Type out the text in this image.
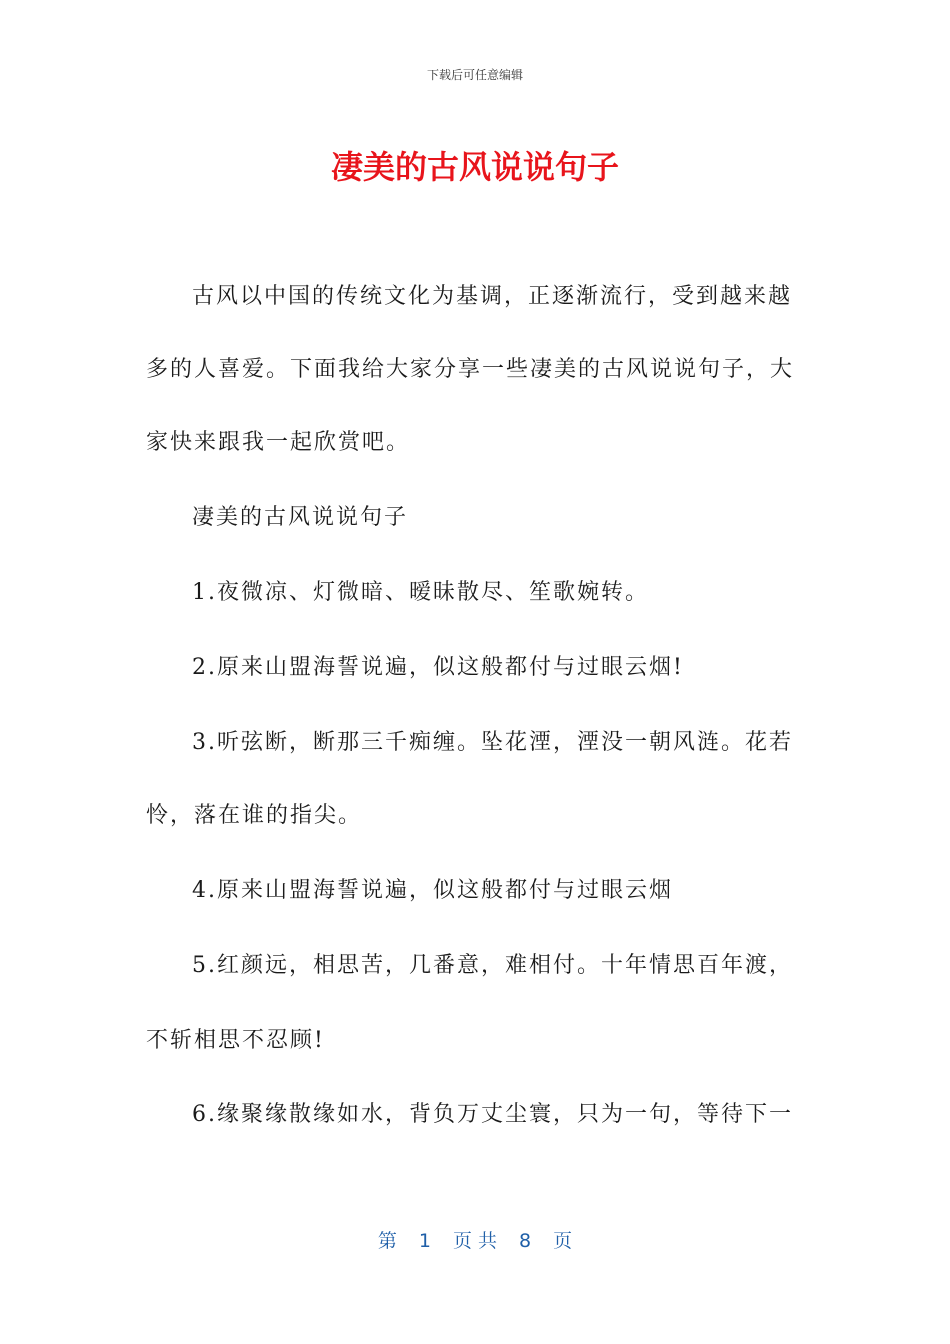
下载后可任意编辑
凄美的古风说说句子
古风以中国的传统文化为基调，正逐渐流行，受到越来越
多的人喜爱。下面我给大家分享一些凄美的古风说说句子，大
家快来跟我一起欣赏吧。
凄美的古风说说句子
1.夜微凉、灯微暗、暧昧散尽、笙歌婉转。
2.原来山盟海誓说遍，似这般都付与过眼云烟!
3.听弦断，断那三千痴缠。坠花湮，湮没一朝风涟。花若
怜，落在谁的指尖。
4.原来山盟海誓说遍，似这般都付与过眼云烟
5.红颜远，相思苦，几番意，难相付。十年情思百年渡，
不斩相思不忍顾!
6.缘聚缘散缘如水，背负万丈尘寰，只为一句，等待下一
第 1 页 共 8 页
